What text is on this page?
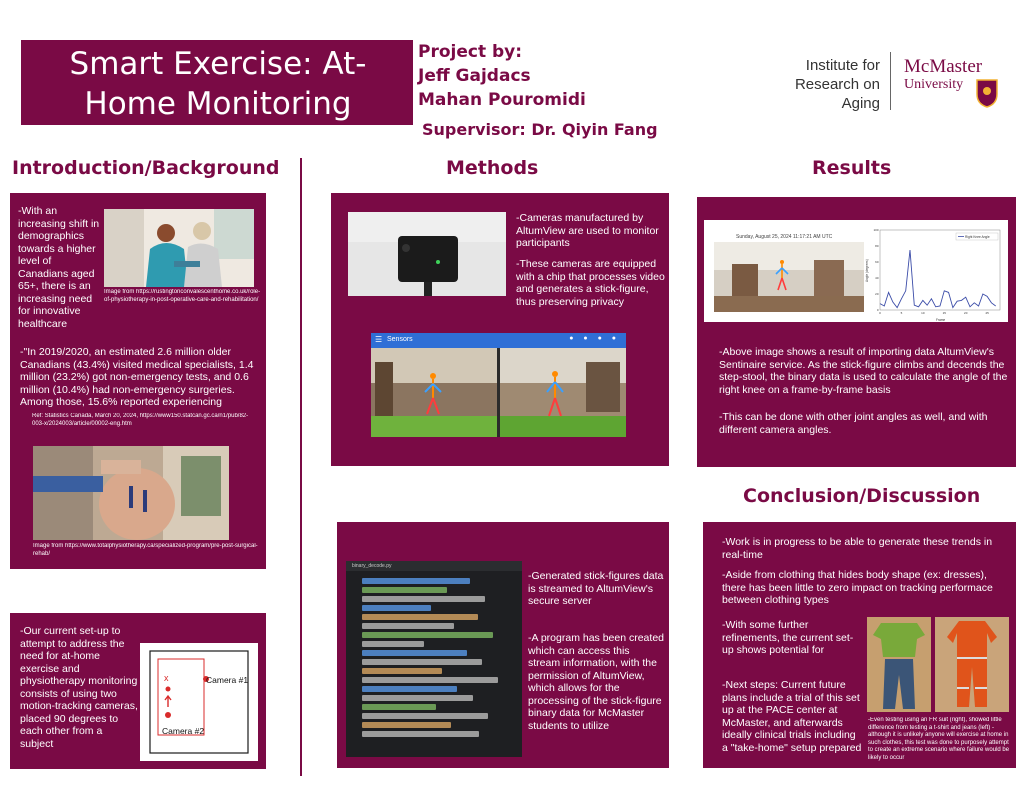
Smart Exercise: At-Home Monitoring
Project by:
Jeff Gajdacs
Mahan Pouromidi
Supervisor: Dr. Qiyin Fang
Institute for
Research on Aging
McMaster
University
Introduction/Background	Methods	Results
Conclusion/Discussion
-With an increasing shift in demographics towards a higher level of Canadians aged 65+, there is an increasing need for innovative healthcare
Image from https://rustingtonconvalescenthome.co.uk/role-of-physiotherapy-in-post-operative-care-and-rehabilitation/
-"In 2019/2020, an estimated 2.6 million older Canadians (43.4%) visited medical specialists, 1.4 million (23.2%) got non-emergency tests, and 0.6 million (10.4%) had non-emergency surgeries. Among those, 15.6% reported experiencing
Ref: Statistics Canada, March 20, 2024, https://www150.statcan.gc.ca/n1/pub/82-003-x/2024003/article/00002-eng.htm
Image from https://www.totalphysiotherapy.ca/specialized-program/pre-post-surgical-rehab/
-Our current set-up to attempt to address the need for at-home exercise and physiotherapy monitoring consists of using two motion-tracking cameras, placed 90 degrees to each other from a subject
Camera #1
Camera #2
x
-Cameras manufactured by AltumView are used to monitor participants
-These cameras are equipped with a chip that processes video and generates a stick-figure, thus preserving privacy
☰ Sensors	● ● ● ●
binary_decode.py
-Generated stick-figures data is streamed to AltumView's secure server
-A program has been created which can access this stream information, with the permission of AltumView, which allows for the processing of the stick-figure binary data for McMaster students to utilize
Sunday, August 25, 2024 11:17:21 AM UTC
0
20
40
60
80
100
0	5	10	15	20	25
Right Knee Angle
Angle (degrees)
Frame
-Above image shows a result of importing data AltumView's Sentinaire service. As the stick-figure climbs and decends the step-stool, the binary data is used to calculate the angle of the right knee on a frame-by-frame basis
-This can be done with other joint angles as well, and with different camera angles.
-Work is in progress to be able to generate these trends in real-time
-Aside from clothing that hides body shape (ex: dresses), there has been little to zero impact on tracking performace between clothing types
-With some further refinements, the current set-up shows potential for
-Next steps: Current future plans include a trial of this set up at the PACE center at McMaster, and afterwards ideally clinical trials including a "take-home" setup prepared
-Even testing using an FR suit (right), showed little difference from testing a t-shirt and jeans (left) - although it is unlikely anyone will exercise at home in such clothes, this test was done to purposely attempt to create an extreme scenario where failure would be likely to occur
